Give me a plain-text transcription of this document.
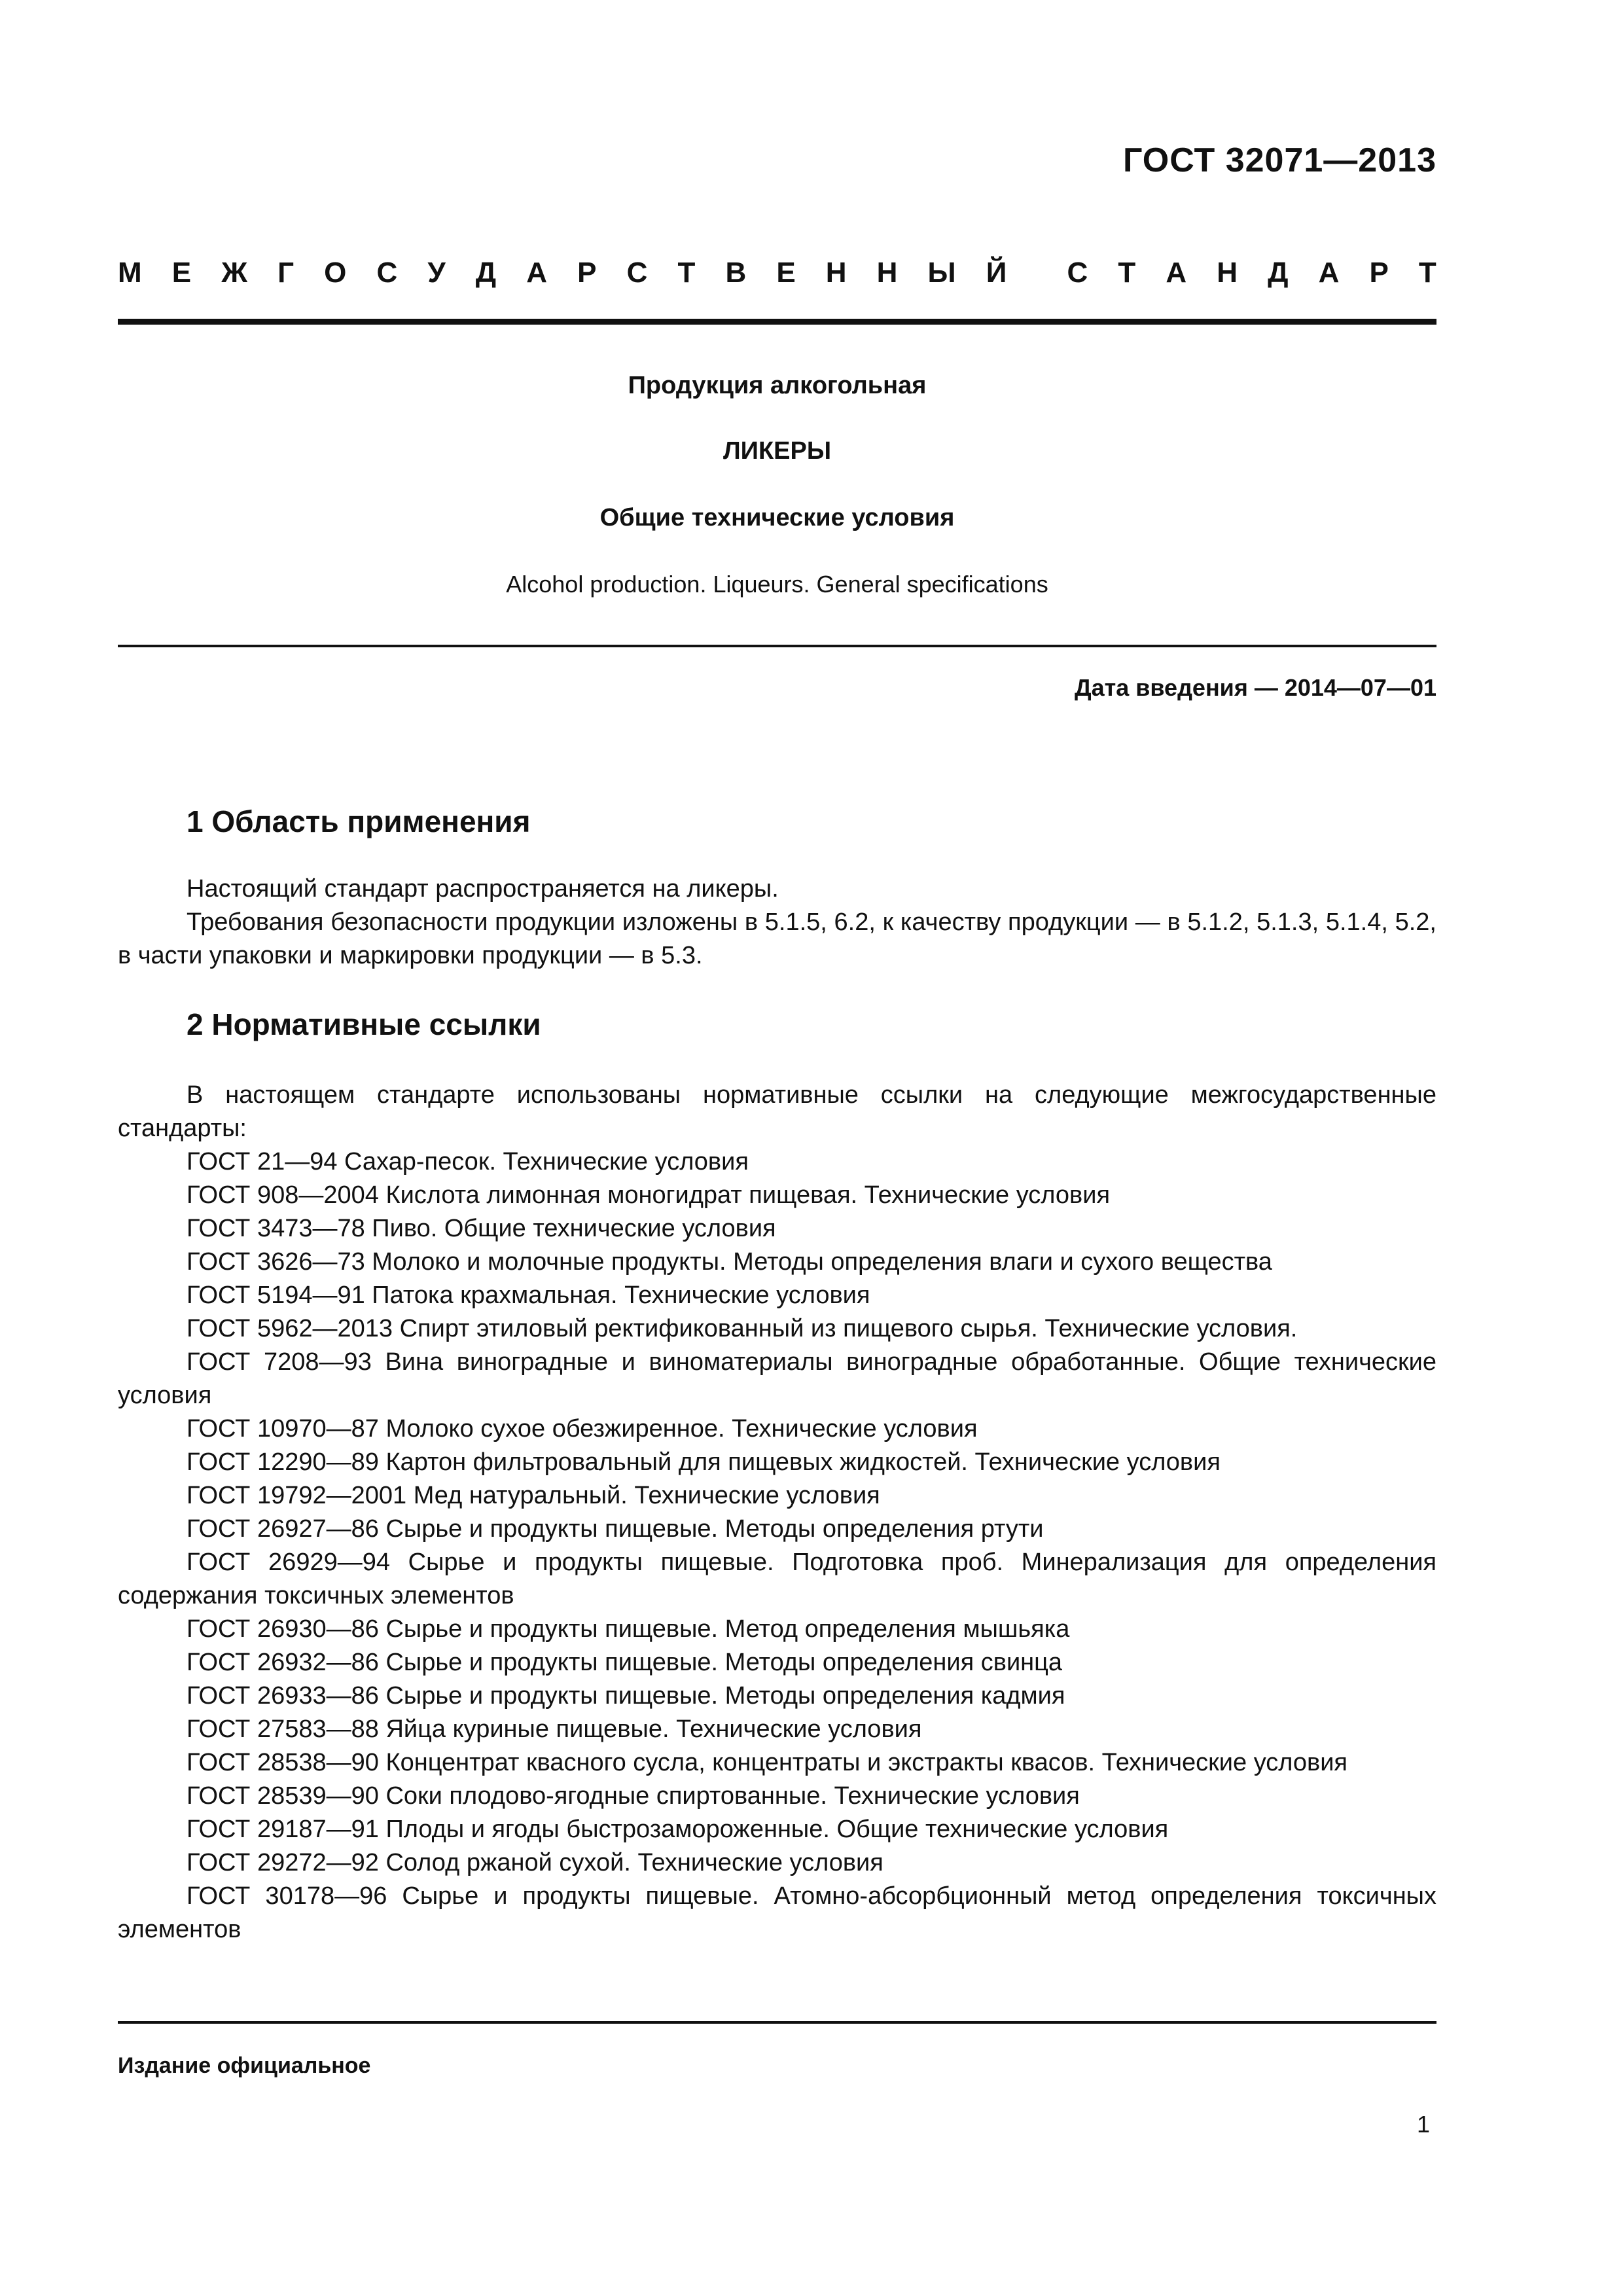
ГОСТ 32071—2013
М Е Ж Г О С У Д А Р С Т В Е Н Н Ы Й С Т А Н Д А Р Т
Продукция алкогольная
ЛИКЕРЫ
Общие технические условия
Alcohol production. Liqueurs. General specifications
Дата введения — 2014—07—01
1 Область применения

Настоящий стандарт распространяется на ликеры.

Требования безопасности продукции изложены в 5.1.5, 6.2, к качеству продукции — в 5.1.2, 5.1.3, 5.1.4, 5.2, в части упаковки и маркировки продукции — в 5.3.

2 Нормативные ссылки

В настоящем стандарте использованы нормативные ссылки на следующие межгосударственные стандарты:

ГОСТ 21—94 Сахар-песок. Технические условия
ГОСТ 908—2004 Кислота лимонная моногидрат пищевая. Технические условия
ГОСТ 3473—78 Пиво. Общие технические условия
ГОСТ 3626—73 Молоко и молочные продукты. Методы определения влаги и сухого вещества
ГОСТ 5194—91 Патока крахмальная. Технические условия
ГОСТ 5962—2013 Спирт этиловый ректификованный из пищевого сырья. Технические условия.
ГОСТ 7208—93 Вина виноградные и виноматериалы виноградные обработанные. Общие технические условия
ГОСТ 10970—87 Молоко сухое обезжиренное. Технические условия
ГОСТ 12290—89 Картон фильтровальный для пищевых жидкостей. Технические условия
ГОСТ 19792—2001 Мед натуральный. Технические условия
ГОСТ 26927—86 Сырье и продукты пищевые. Методы определения ртути
ГОСТ 26929—94 Сырье и продукты пищевые. Подготовка проб. Минерализация для определения содержания токсичных элементов
ГОСТ 26930—86 Сырье и продукты пищевые. Метод определения мышьяка
ГОСТ 26932—86 Сырье и продукты пищевые. Методы определения свинца
ГОСТ 26933—86 Сырье и продукты пищевые. Методы определения кадмия
ГОСТ 27583—88 Яйца куриные пищевые. Технические условия
ГОСТ 28538—90 Концентрат квасного сусла, концентраты и экстракты квасов. Технические условия
ГОСТ 28539—90 Соки плодово-ягодные спиртованные. Технические условия
ГОСТ 29187—91 Плоды и ягоды быстрозамороженные. Общие технические условия
ГОСТ 29272—92 Солод ржаной сухой. Технические условия
ГОСТ 30178—96 Сырье и продукты пищевые. Атомно-абсорбционный метод определения токсичных элементов
Издание официальное
1
